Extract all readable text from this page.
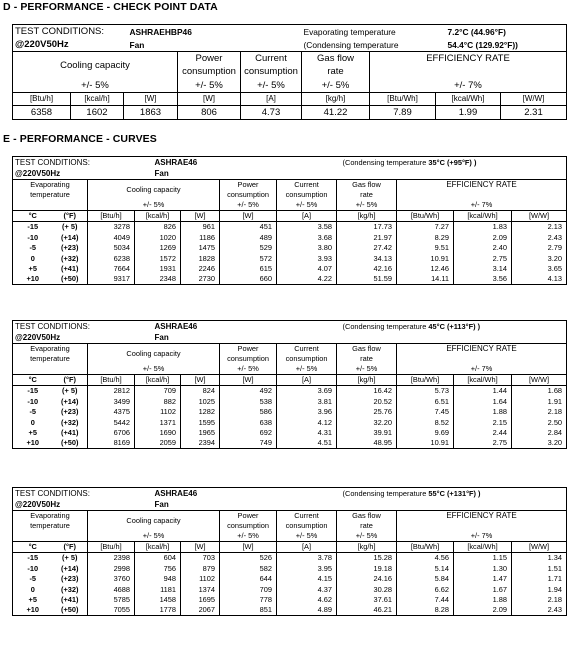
D - PERFORMANCE - CHECK POINT DATA
TEST CONDITIONS:		ASHRAEHBP46			Evaporating temperature		7.2°C (44.96°F)	
@220V50Hz		Fan			(Condensing temperature		54.4°C (129.92°F))	
Cooling capacity			Power	Current	Gas flow	EFFICIENCY RATE		
			consumption	consumption	rate			
+/- 5%			+/- 5%	+/- 5%	+/- 5%	+/- 7%		
[Btu/h]	[kcal/h]	[W]	[W]	[A]	[kg/h]	[Btu/Wh]	[kcal/Wh]	[W/W]
6358	1602	1863	806	4.73	41.22	7.89	1.99	2.31
E - PERFORMANCE - CURVES
TEST CONDITIONS:			ASHRAE46				(Condensing temperature 35°C (+95°F) )			
@220V50Hz			Fan							
Evaporating		Cooling capacity			Power	Current	Gas flow	EFFICIENCY RATE		
temperature					consumption	consumption	rate			
		+/- 5%			+/- 5%	+/- 5%	+/- 5%	+/- 7%		
°C	(°F)	[Btu/h]	[kcal/h]	[W]	[W]	[A]	[kg/h]	[Btu/Wh]	[kcal/Wh]	[W/W]
-15	(+ 5)	3278	826	961	451	3.58	17.73	7.27	1.83	2.13
-10	(+14)	4049	1020	1186	489	3.68	21.97	8.29	2.09	2.43
-5	(+23)	5034	1269	1475	529	3.80	27.42	9.51	2.40	2.79
0	(+32)	6238	1572	1828	572	3.93	34.13	10.91	2.75	3.20
+5	(+41)	7664	1931	2246	615	4.07	42.16	12.46	3.14	3.65
+10	(+50)	9317	2348	2730	660	4.22	51.59	14.11	3.56	4.13
TEST CONDITIONS:			ASHRAE46				(Condensing temperature 45°C (+113°F) )			
@220V50Hz			Fan							
Evaporating		Cooling capacity			Power	Current	Gas flow	EFFICIENCY RATE		
temperature					consumption	consumption	rate			
		+/- 5%			+/- 5%	+/- 5%	+/- 5%	+/- 7%		
°C	(°F)	[Btu/h]	[kcal/h]	[W]	[W]	[A]	[kg/h]	[Btu/Wh]	[kcal/Wh]	[W/W]
-15	(+ 5)	2812	709	824	492	3.69	16.42	5.73	1.44	1.68
-10	(+14)	3499	882	1025	538	3.81	20.52	6.51	1.64	1.91
-5	(+23)	4375	1102	1282	586	3.96	25.76	7.45	1.88	2.18
0	(+32)	5442	1371	1595	638	4.12	32.20	8.52	2.15	2.50
+5	(+41)	6706	1690	1965	692	4.31	39.91	9.69	2.44	2.84
+10	(+50)	8169	2059	2394	749	4.51	48.95	10.91	2.75	3.20
TEST CONDITIONS:			ASHRAE46				(Condensing temperature 55°C (+131°F) )			
@220V50Hz			Fan							
Evaporating		Cooling capacity			Power	Current	Gas flow	EFFICIENCY RATE		
temperature					consumption	consumption	rate			
		+/- 5%			+/- 5%	+/- 5%	+/- 5%	+/- 7%		
°C	(°F)	[Btu/h]	[kcal/h]	[W]	[W]	[A]	[kg/h]	[Btu/Wh]	[kcal/Wh]	[W/W]
-15	(+ 5)	2398	604	703	526	3.78	15.28	4.56	1.15	1.34
-10	(+14)	2998	756	879	582	3.95	19.18	5.14	1.30	1.51
-5	(+23)	3760	948	1102	644	4.15	24.16	5.84	1.47	1.71
0	(+32)	4688	1181	1374	709	4.37	30.28	6.62	1.67	1.94
+5	(+41)	5785	1458	1695	778	4.62	37.61	7.44	1.88	2.18
+10	(+50)	7055	1778	2067	851	4.89	46.21	8.28	2.09	2.43
